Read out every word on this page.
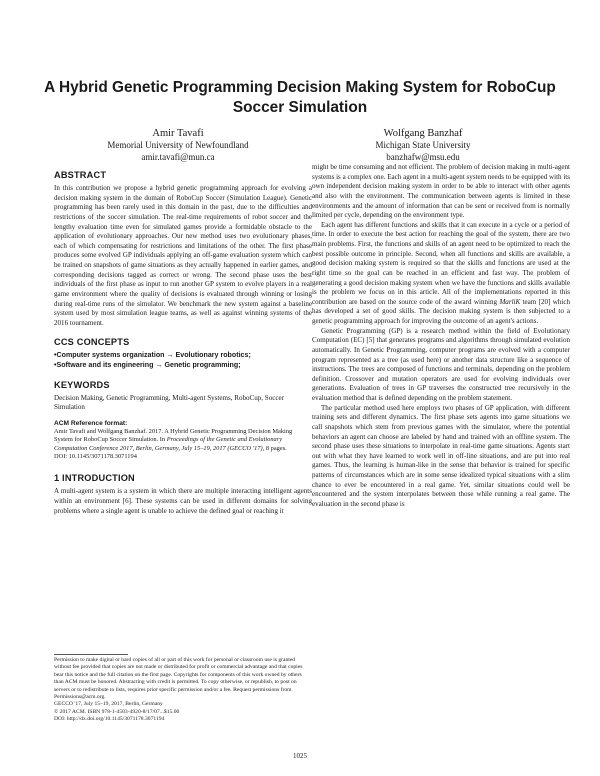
A Hybrid Genetic Programming Decision Making System for RoboCup Soccer Simulation
Amir Tavafi
Memorial University of Newfoundland
amir.tavafi@mun.ca
Wolfgang Banzhaf
Michigan State University
banzhafw@msu.edu
ABSTRACT

In this contribution we propose a hybrid genetic programming approach for evolving a decision making system in the domain of RoboCup Soccer (Simulation League). Genetic programming has been rarely used in this domain in the past, due to the difficulties and restrictions of the soccer simulation. The real-time requirements of robot soccer and the lengthy evaluation time even for simulated games provide a formidable obstacle to the application of evolutionary approaches. Our new method uses two evolutionary phases, each of which compensating for restrictions and limitations of the other. The first phase produces some evolved GP individuals applying an off-game evaluation system which can be trained on snapshots of game situations as they actually happened in earlier games, and corresponding decisions tagged as correct or wrong. The second phase uses the best individuals of the first phase as input to run another GP system to evolve players in a real game environment where the quality of decisions is evaluated through winning or losing during real-time runs of the simulator. We benchmark the new system against a baseline system used by most simulation league teams, as well as against winning systems of the 2016 tournament.

CCS CONCEPTS
•Computer systems organization → Evolutionary robotics;
•Software and its engineering → Genetic programming;
KEYWORDS

Decision Making, Genetic Programming, Multi-agent Systems, RoboCup, Soccer Simulation

ACM Reference format:
Amir Tavafi and Wolfgang Banzhaf. 2017. A Hybrid Genetic Programming Decision Making System for RoboCup Soccer Simulation. In Proceedings of the Genetic and Evolutionary Computation Conference 2017, Berlin, Germany, July 15–19, 2017 (GECCO '17), 8 pages.
DOI: 10.1145/3071178.3071194
1 INTRODUCTION

A multi-agent system is a system in which there are multiple interacting intelligent agents within an environment [6]. These systems can be used in different domains for solving problems where a single agent is unable to achieve the defined goal or reaching it

Permission to make digital or hard copies of all or part of this work for personal or classroom use is granted without fee provided that copies are not made or distributed for profit or commercial advantage and that copies bear this notice and the full citation on the first page. Copyrights for components of this work owned by others than ACM must be honored. Abstracting with credit is permitted. To copy otherwise, or republish, to post on servers or to redistribute to lists, requires prior specific permission and/or a fee. Request permissions from Permissions@acm.org.
GECCO '17, July 15–19, 2017, Berlin, Germany
© 2017 ACM. ISBN 978-1-4503-4920-8/17/07...$15.00
DOI: http://dx.doi.org/10.1145/3071178.3071194

might be time consuming and not efficient. The problem of decision making in multi-agent systems is a complex one. Each agent in a multi-agent system needs to be equipped with its own independent decision making system in order to be able to interact with other agents and also with the environment. The communication between agents is limited in these environments and the amount of information that can be sent or received from is normally limited per cycle, depending on the environment type.

Each agent has different functions and skills that it can execute in a cycle or a period of time. In order to execute the best action for reaching the goal of the system, there are two main problems. First, the functions and skills of an agent need to be optimized to reach the best possible outcome in principle. Second, when all functions and skills are available, a good decision making system is required so that the skills and functions are used at the right time so the goal can be reached in an efficient and fast way. The problem of generating a good decision making system when we have the functions and skills available is the problem we focus on in this article. All of the implementations reported in this contribution are based on the source code of the award winning MarliK team [20] which has developed a set of good skills. The decision making system is then subjected to a genetic programming approach for improving the outcome of an agent's actions.

Genetic Programming (GP) is a research method within the field of Evolutionary Computation (EC) [5] that generates programs and algorithms through simulated evolution automatically. In Genetic Programming, computer programs are evolved with a computer program represented as a tree (as used here) or another data structure like a sequence of instructions. The trees are composed of functions and terminals, depending on the problem definition. Crossover and mutation operators are used for evolving individuals over generations. Evaluation of trees in GP traverses the constructed tree recursively in the evaluation method that is defined depending on the problem statement.

The particular method used here employs two phases of GP application, with different training sets and different dynamics. The first phase sets agents into game situations we call snapshots which stem from previous games with the simulator, where the potential behaviors an agent can choose are labeled by hand and trained with an offline system. The second phase uses these situations to interpolate in real-time game situations. Agents start out with what they have learned to work well in off-line situations, and are put into real games. Thus, the learning is human-like in the sense that behavior is trained for specific patterns of circumstances which are in some sense idealized typical situations with a slim chance to ever be encountered in a real game. Yet, similar situations could well be encountered and the system interpolates between those while running a real game. The evaluation in the second phase is

1025
